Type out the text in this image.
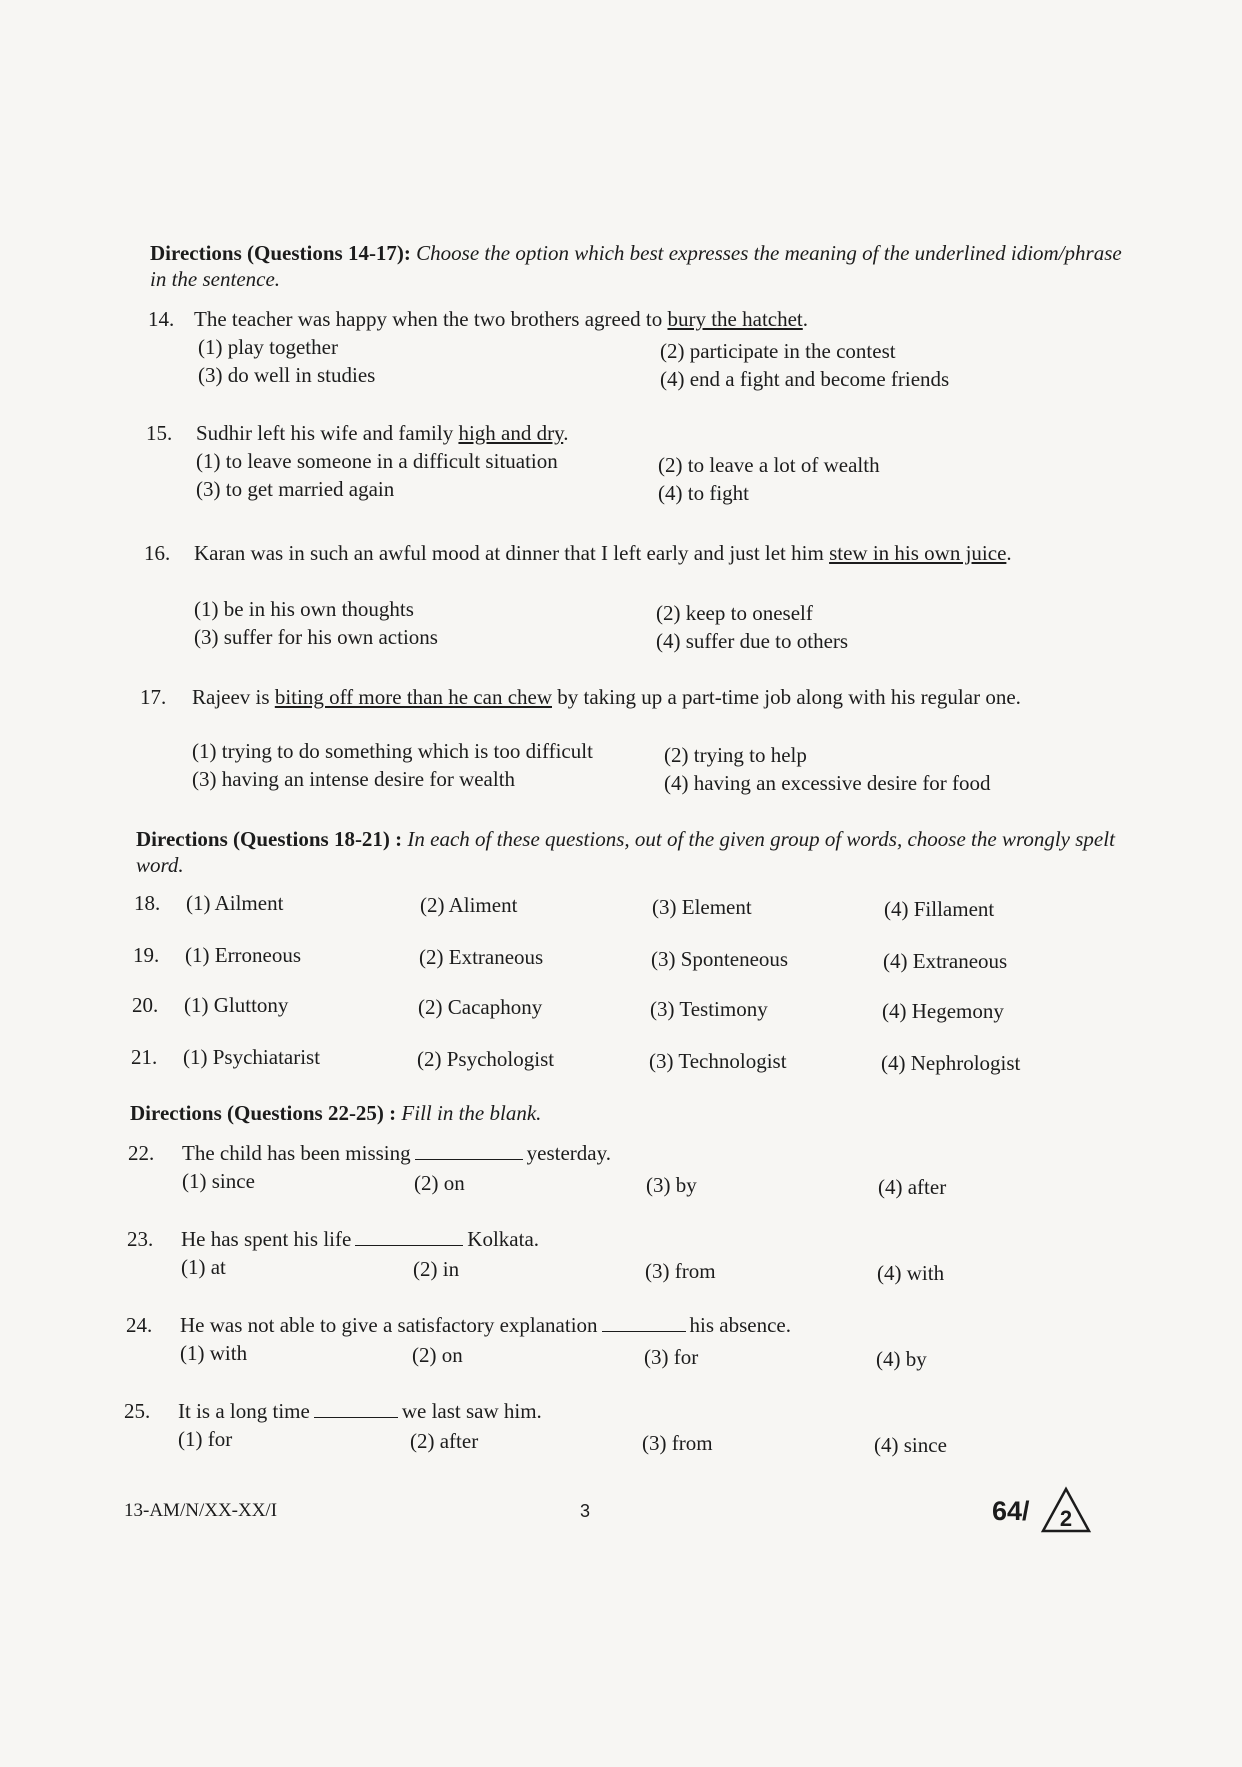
Directions (Questions 14-17): Choose the option which best expresses the meaning of the underlined idiom/phrase in the sentence.
14. The teacher was happy when the two brothers agreed to bury the hatchet.
(1) play together	(2) participate in the contest
(3) do well in studies	(4) end a fight and become friends
15.	Sudhir left his wife and family high and dry.
(1) to leave someone in a difficult situation	(2) to leave a lot of wealth
(3) to get married again	(4) to fight
16.	Karan was in such an awful mood at dinner that I left early and just let him stew in his own juice.
(1) be in his own thoughts	(2) keep to oneself
(3) suffer for his own actions	(4) suffer due to others
17.	Rajeev is biting off more than he can chew by taking up a part-time job along with his regular one.
(1) trying to do something which is too difficult	(2) trying to help
(3) having an intense desire for wealth	(4) having an excessive desire for food
Directions (Questions 18-21) : In each of these questions, out of the given group of words, choose the wrongly spelt word.
18.	(1) Ailment	(2) Aliment	(3) Element	(4) Fillament
19.	(1) Erroneous	(2) Extraneous	(3) Sponteneous	(4) Extraneous
20.	(1) Gluttony	(2) Cacaphony	(3) Testimony	(4) Hegemony
21.	(1) Psychiatarist	(2) Psychologist	(3) Technologist	(4) Nephrologist
Directions (Questions 22-25) : Fill in the blank.
22.	The child has been missing	yesterday.
(1) since	(2) on	(3) by	(4) after
23.	He has spent his life	Kolkata.
(1) at	(2) in	(3) from	(4) with
24.	He was not able to give a satisfactory explanation	his absence.
(1) with	(2) on	(3) for	(4) by
25.	It is a long time	we last saw him.
(1) for	(2) after	(3) from	(4) since
13-AM/N/XX-XX/I	3	64/ 2
